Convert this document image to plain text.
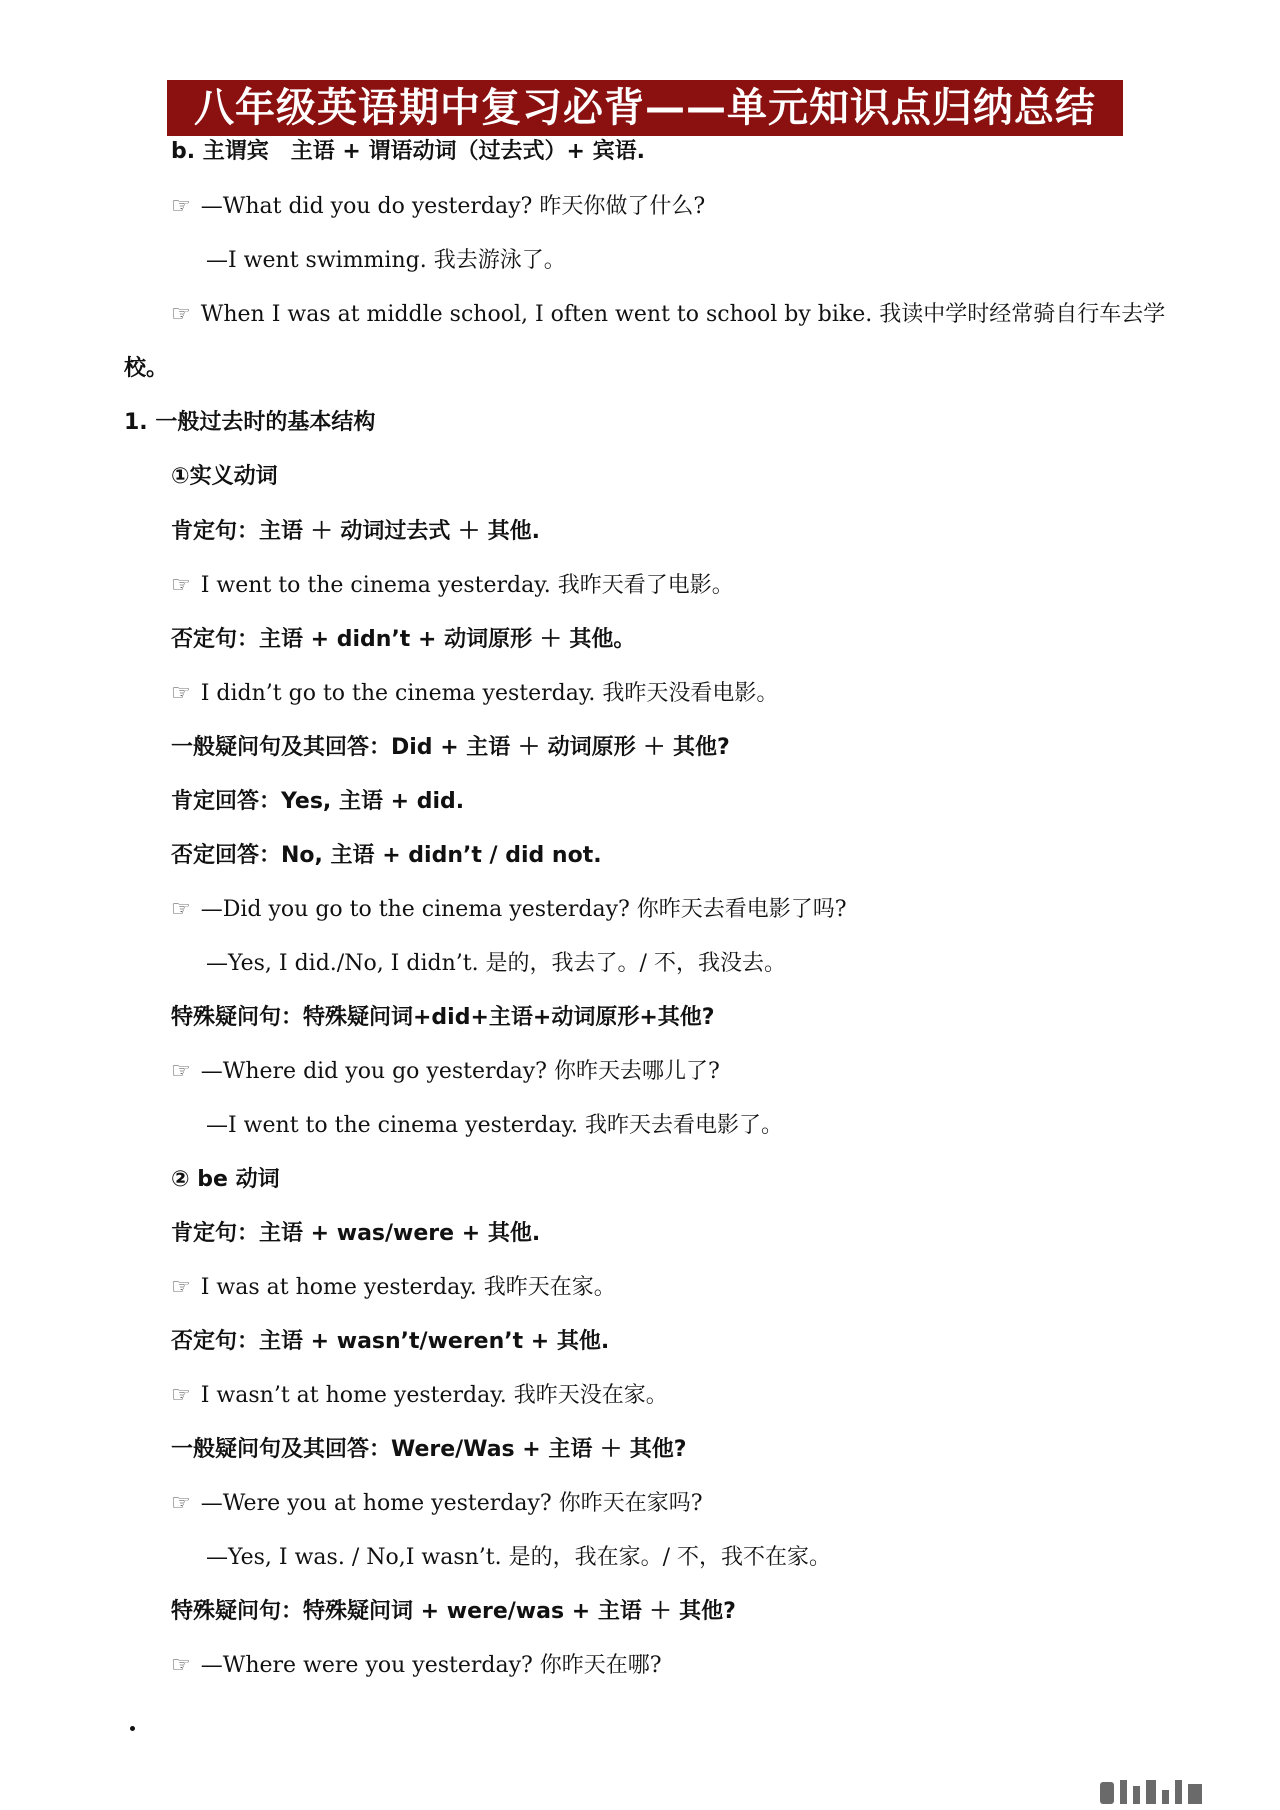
八年级英语期中复习必背——单元知识点归纳总结
b. 主谓宾　主语 + 谓语动词（过去式）+ 宾语.
☞ —What did you do yesterday? 昨天你做了什么?
—I went swimming. 我去游泳了。
☞ When I was at middle school, I often went to school by bike. 我读中学时经常骑自行车去学
校。
1. 一般过去时的基本结构
①实义动词
肯定句：主语 ＋ 动词过去式 ＋ 其他.
☞ I went to the cinema yesterday. 我昨天看了电影。
否定句：主语 + didn’t + 动词原形 ＋ 其他。
☞ I didn’t go to the cinema yesterday. 我昨天没看电影。
一般疑问句及其回答：Did + 主语 ＋ 动词原形 ＋ 其他?
肯定回答：Yes, 主语 + did.
否定回答：No, 主语 + didn’t / did not.
☞ —Did you go to the cinema yesterday? 你昨天去看电影了吗?
—Yes, I did./No, I didn’t. 是的，我去了。/ 不，我没去。
特殊疑问句：特殊疑问词+did+主语+动词原形+其他?
☞ —Where did you go yesterday? 你昨天去哪儿了?
—I went to the cinema yesterday. 我昨天去看电影了。
② be 动词
肯定句：主语 + was/were + 其他.
☞ I was at home yesterday. 我昨天在家。
否定句：主语 + wasn’t/weren’t + 其他.
☞ I wasn’t at home yesterday. 我昨天没在家。
一般疑问句及其回答：Were/Was + 主语 ＋ 其他?
☞ —Were you at home yesterday? 你昨天在家吗?
—Yes, I was. / No,I wasn’t. 是的，我在家。/ 不，我不在家。
特殊疑问句：特殊疑问词 + were/was + 主语 ＋ 其他?
☞ —Where were you yesterday? 你昨天在哪?
